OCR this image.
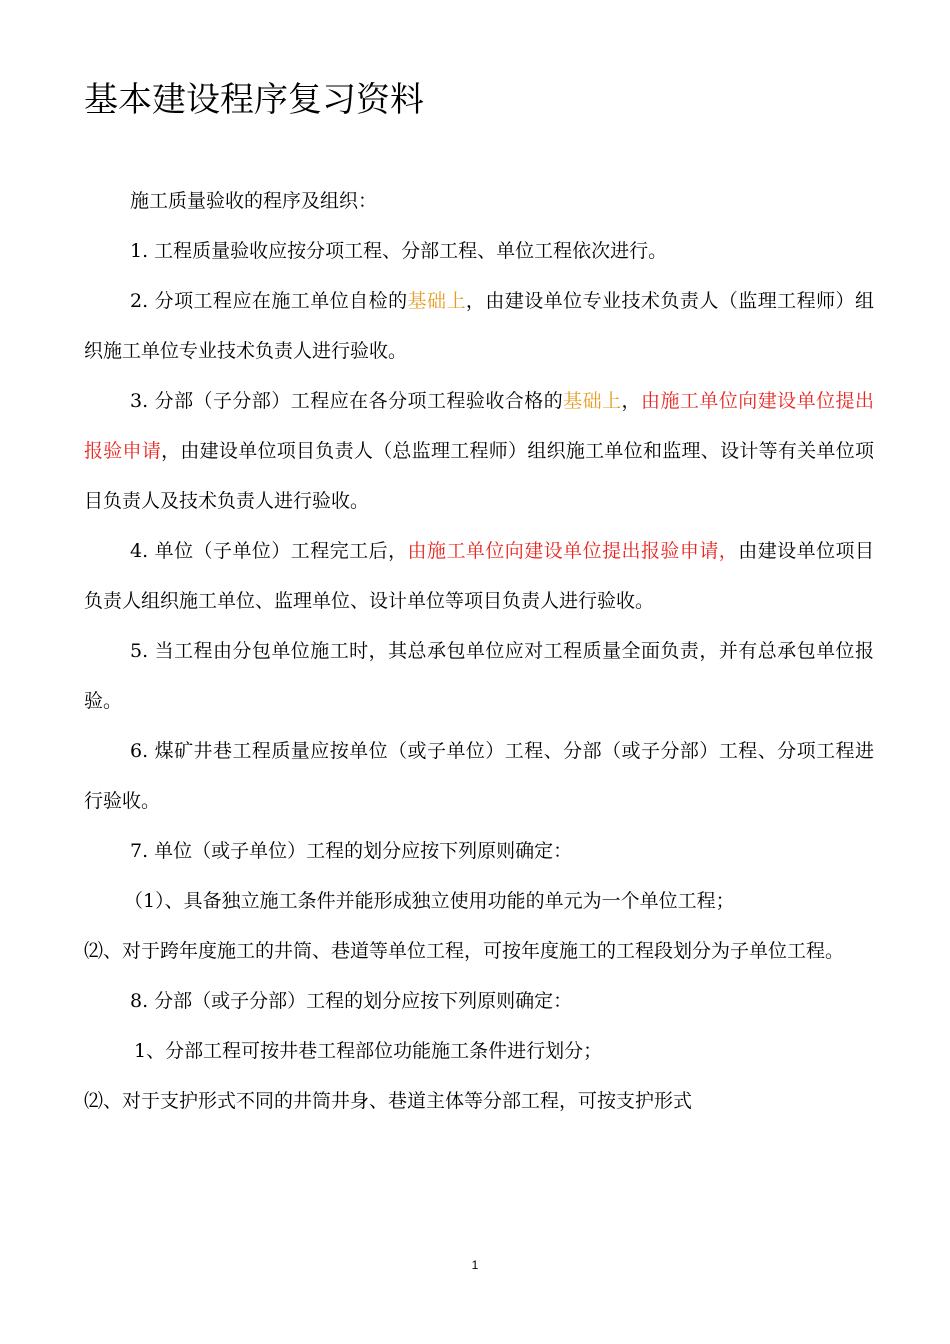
基本建设程序复习资料

施工质量验收的程序及组织：

1. 工程质量验收应按分项工程、分部工程、单位工程依次进行。

2. 分项工程应在施工单位自检的基础上，由建设单位专业技术负责人（监理工程师）组织施工单位专业技术负责人进行验收。

3. 分部（子分部）工程应在各分项工程验收合格的基础上，由施工单位向建设单位提出报验申请，由建设单位项目负责人（总监理工程师）组织施工单位和监理、设计等有关单位项目负责人及技术负责人进行验收。

4. 单位（子单位）工程完工后，由施工单位向建设单位提出报验申请，由建设单位项目负责人组织施工单位、监理单位、设计单位等项目负责人进行验收。

5. 当工程由分包单位施工时，其总承包单位应对工程质量全面负责，并有总承包单位报验。

6. 煤矿井巷工程质量应按单位（或子单位）工程、分部（或子分部）工程、分项工程进行验收。

7. 单位（或子单位）工程的划分应按下列原则确定：

（1）、具备独立施工条件并能形成独立使用功能的单元为一个单位工程；

⑵、对于跨年度施工的井筒、巷道等单位工程，可按年度施工的工程段划分为子单位工程。

8. 分部（或子分部）工程的划分应按下列原则确定：

1、分部工程可按井巷工程部位功能施工条件进行划分；

⑵、对于支护形式不同的井筒井身、巷道主体等分部工程，可按支护形式

1
